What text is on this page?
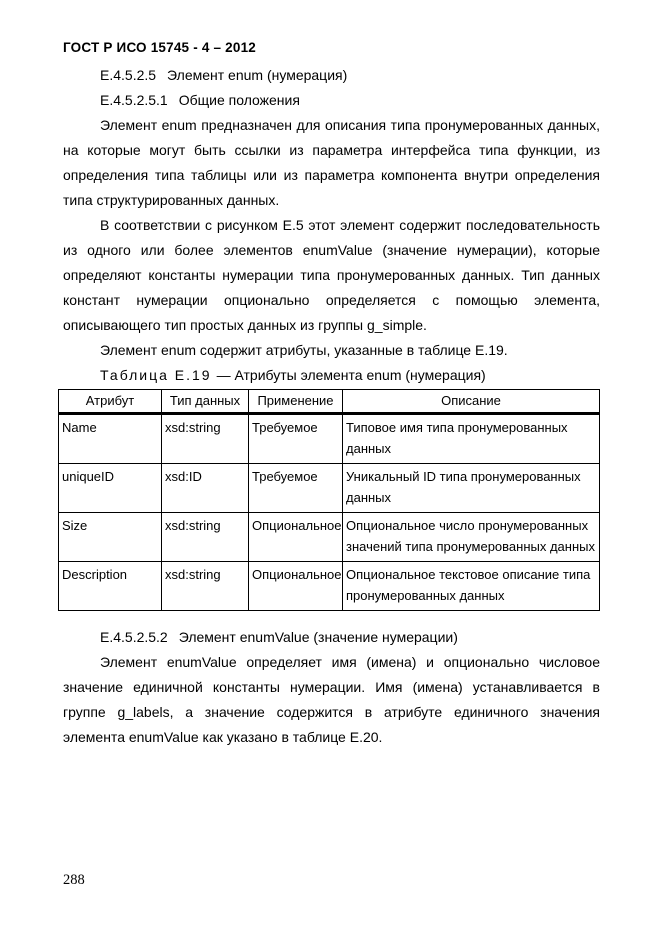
ГОСТ Р ИСО 15745 - 4 – 2012
Е.4.5.2.5 Элемент enum (нумерация)
Е.4.5.2.5.1 Общие положения

Элемент enum предназначен для описания типа пронумерованных данных, на которые могут быть ссылки из параметра интерфейса типа функции, из определения типа таблицы или из параметра компонента внутри определения типа структурированных данных.

В соответствии с рисунком Е.5 этот элемент содержит последовательность из одного или более элементов enumValue (значение нумерации), которые определяют константы нумерации типа пронумерованных данных. Тип данных констант нумерации опционально определяется с помощью элемента, описывающего тип простых данных из группы g_simple.

Элемент enum содержит атрибуты, указанные в таблице Е.19.

Таблица Е.19 — Атрибуты элемента enum (нумерация)
Атрибут	Тип данных	Применение	Описание
Name	xsd:string	Требуемое	Типовое имя типа пронумерованных данных
uniqueID	xsd:ID	Требуемое	Уникальный ID типа пронумерованных данных
Size	xsd:string	Опциональное	Опциональное число пронумерованных значений типа пронумерованных данных
Description	xsd:string	Опциональное	Опциональное текстовое описание типа пронумерованных данных
Е.4.5.2.5.2 Элемент enumValue (значение нумерации)

Элемент enumValue определяет имя (имена) и опционально числовое значение единичной константы нумерации. Имя (имена) устанавливается в группе g_labels, а значение содержится в атрибуте единичного значения элемента enumValue как указано в таблице Е.20.

288
